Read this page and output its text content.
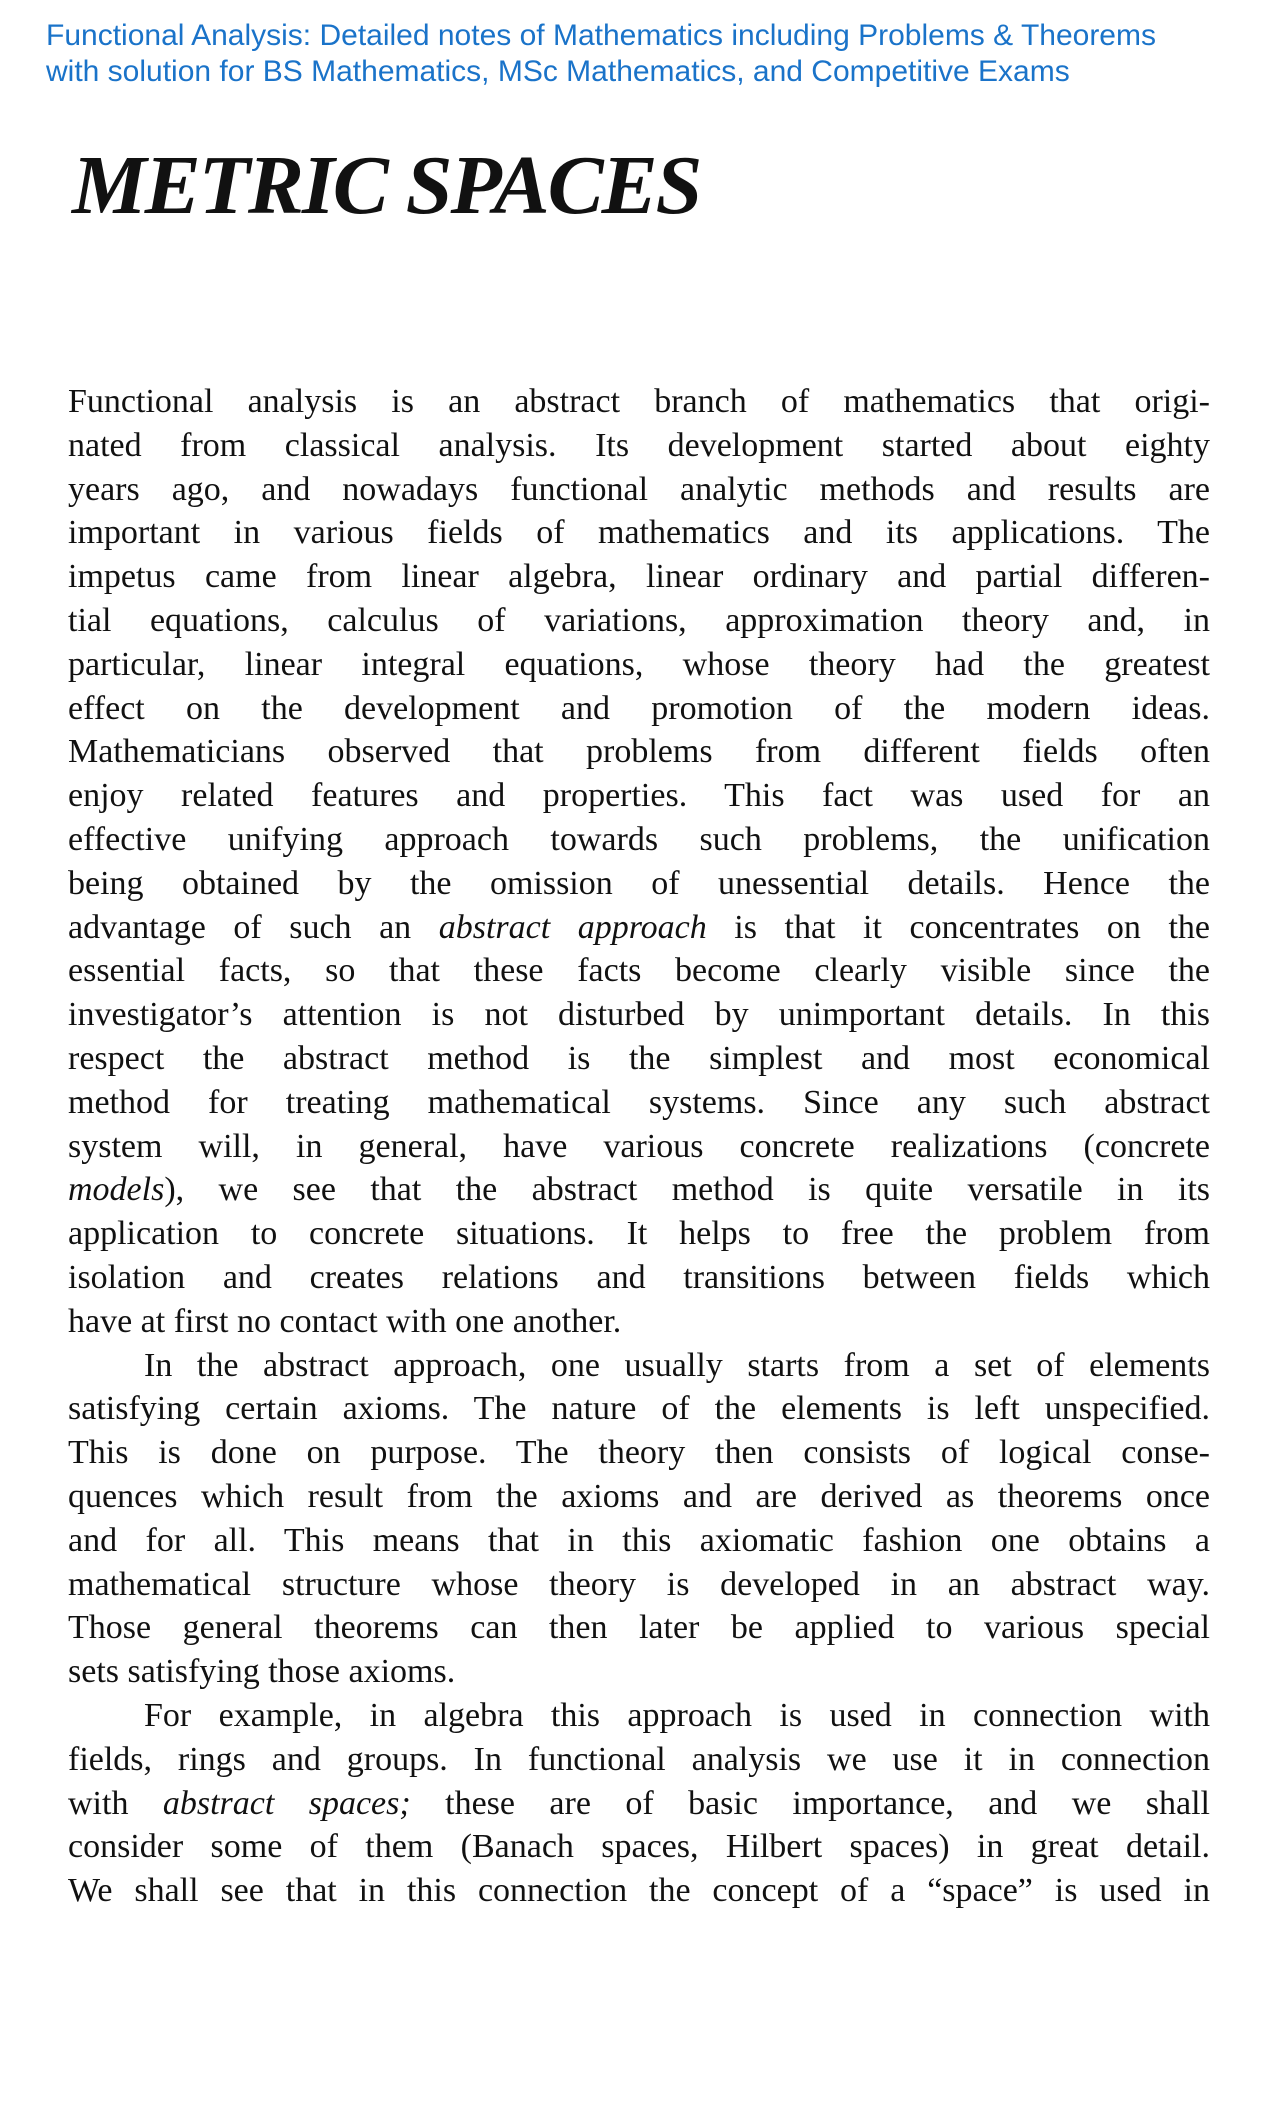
Functional Analysis: Detailed notes of Mathematics including Problems & Theorems
with solution for BS Mathematics, MSc Mathematics, and Competitive Exams
METRIC SPACES
Functional analysis is an abstract branch of mathematics that origi-
nated from classical analysis. Its development started about eighty
years ago, and nowadays functional analytic methods and results are
important in various fields of mathematics and its applications. The
impetus came from linear algebra, linear ordinary and partial differen-
tial equations, calculus of variations, approximation theory and, in
particular, linear integral equations, whose theory had the greatest
effect on the development and promotion of the modern ideas.
Mathematicians observed that problems from different fields often
enjoy related features and properties. This fact was used for an
effective unifying approach towards such problems, the unification
being obtained by the omission of unessential details. Hence the
advantage of such an abstract approach is that it concentrates on the
essential facts, so that these facts become clearly visible since the
investigator’s attention is not disturbed by unimportant details. In this
respect the abstract method is the simplest and most economical
method for treating mathematical systems. Since any such abstract
system will, in general, have various concrete realizations (concrete
models), we see that the abstract method is quite versatile in its
application to concrete situations. It helps to free the problem from
isolation and creates relations and transitions between fields which
have at first no contact with one another.
In the abstract approach, one usually starts from a set of elements
satisfying certain axioms. The nature of the elements is left unspecified.
This is done on purpose. The theory then consists of logical conse-
quences which result from the axioms and are derived as theorems once
and for all. This means that in this axiomatic fashion one obtains a
mathematical structure whose theory is developed in an abstract way.
Those general theorems can then later be applied to various special
sets satisfying those axioms.
For example, in algebra this approach is used in connection with
fields, rings and groups. In functional analysis we use it in connection
with abstract spaces; these are of basic importance, and we shall
consider some of them (Banach spaces, Hilbert spaces) in great detail.
We shall see that in this connection the concept of a “space” is used in
